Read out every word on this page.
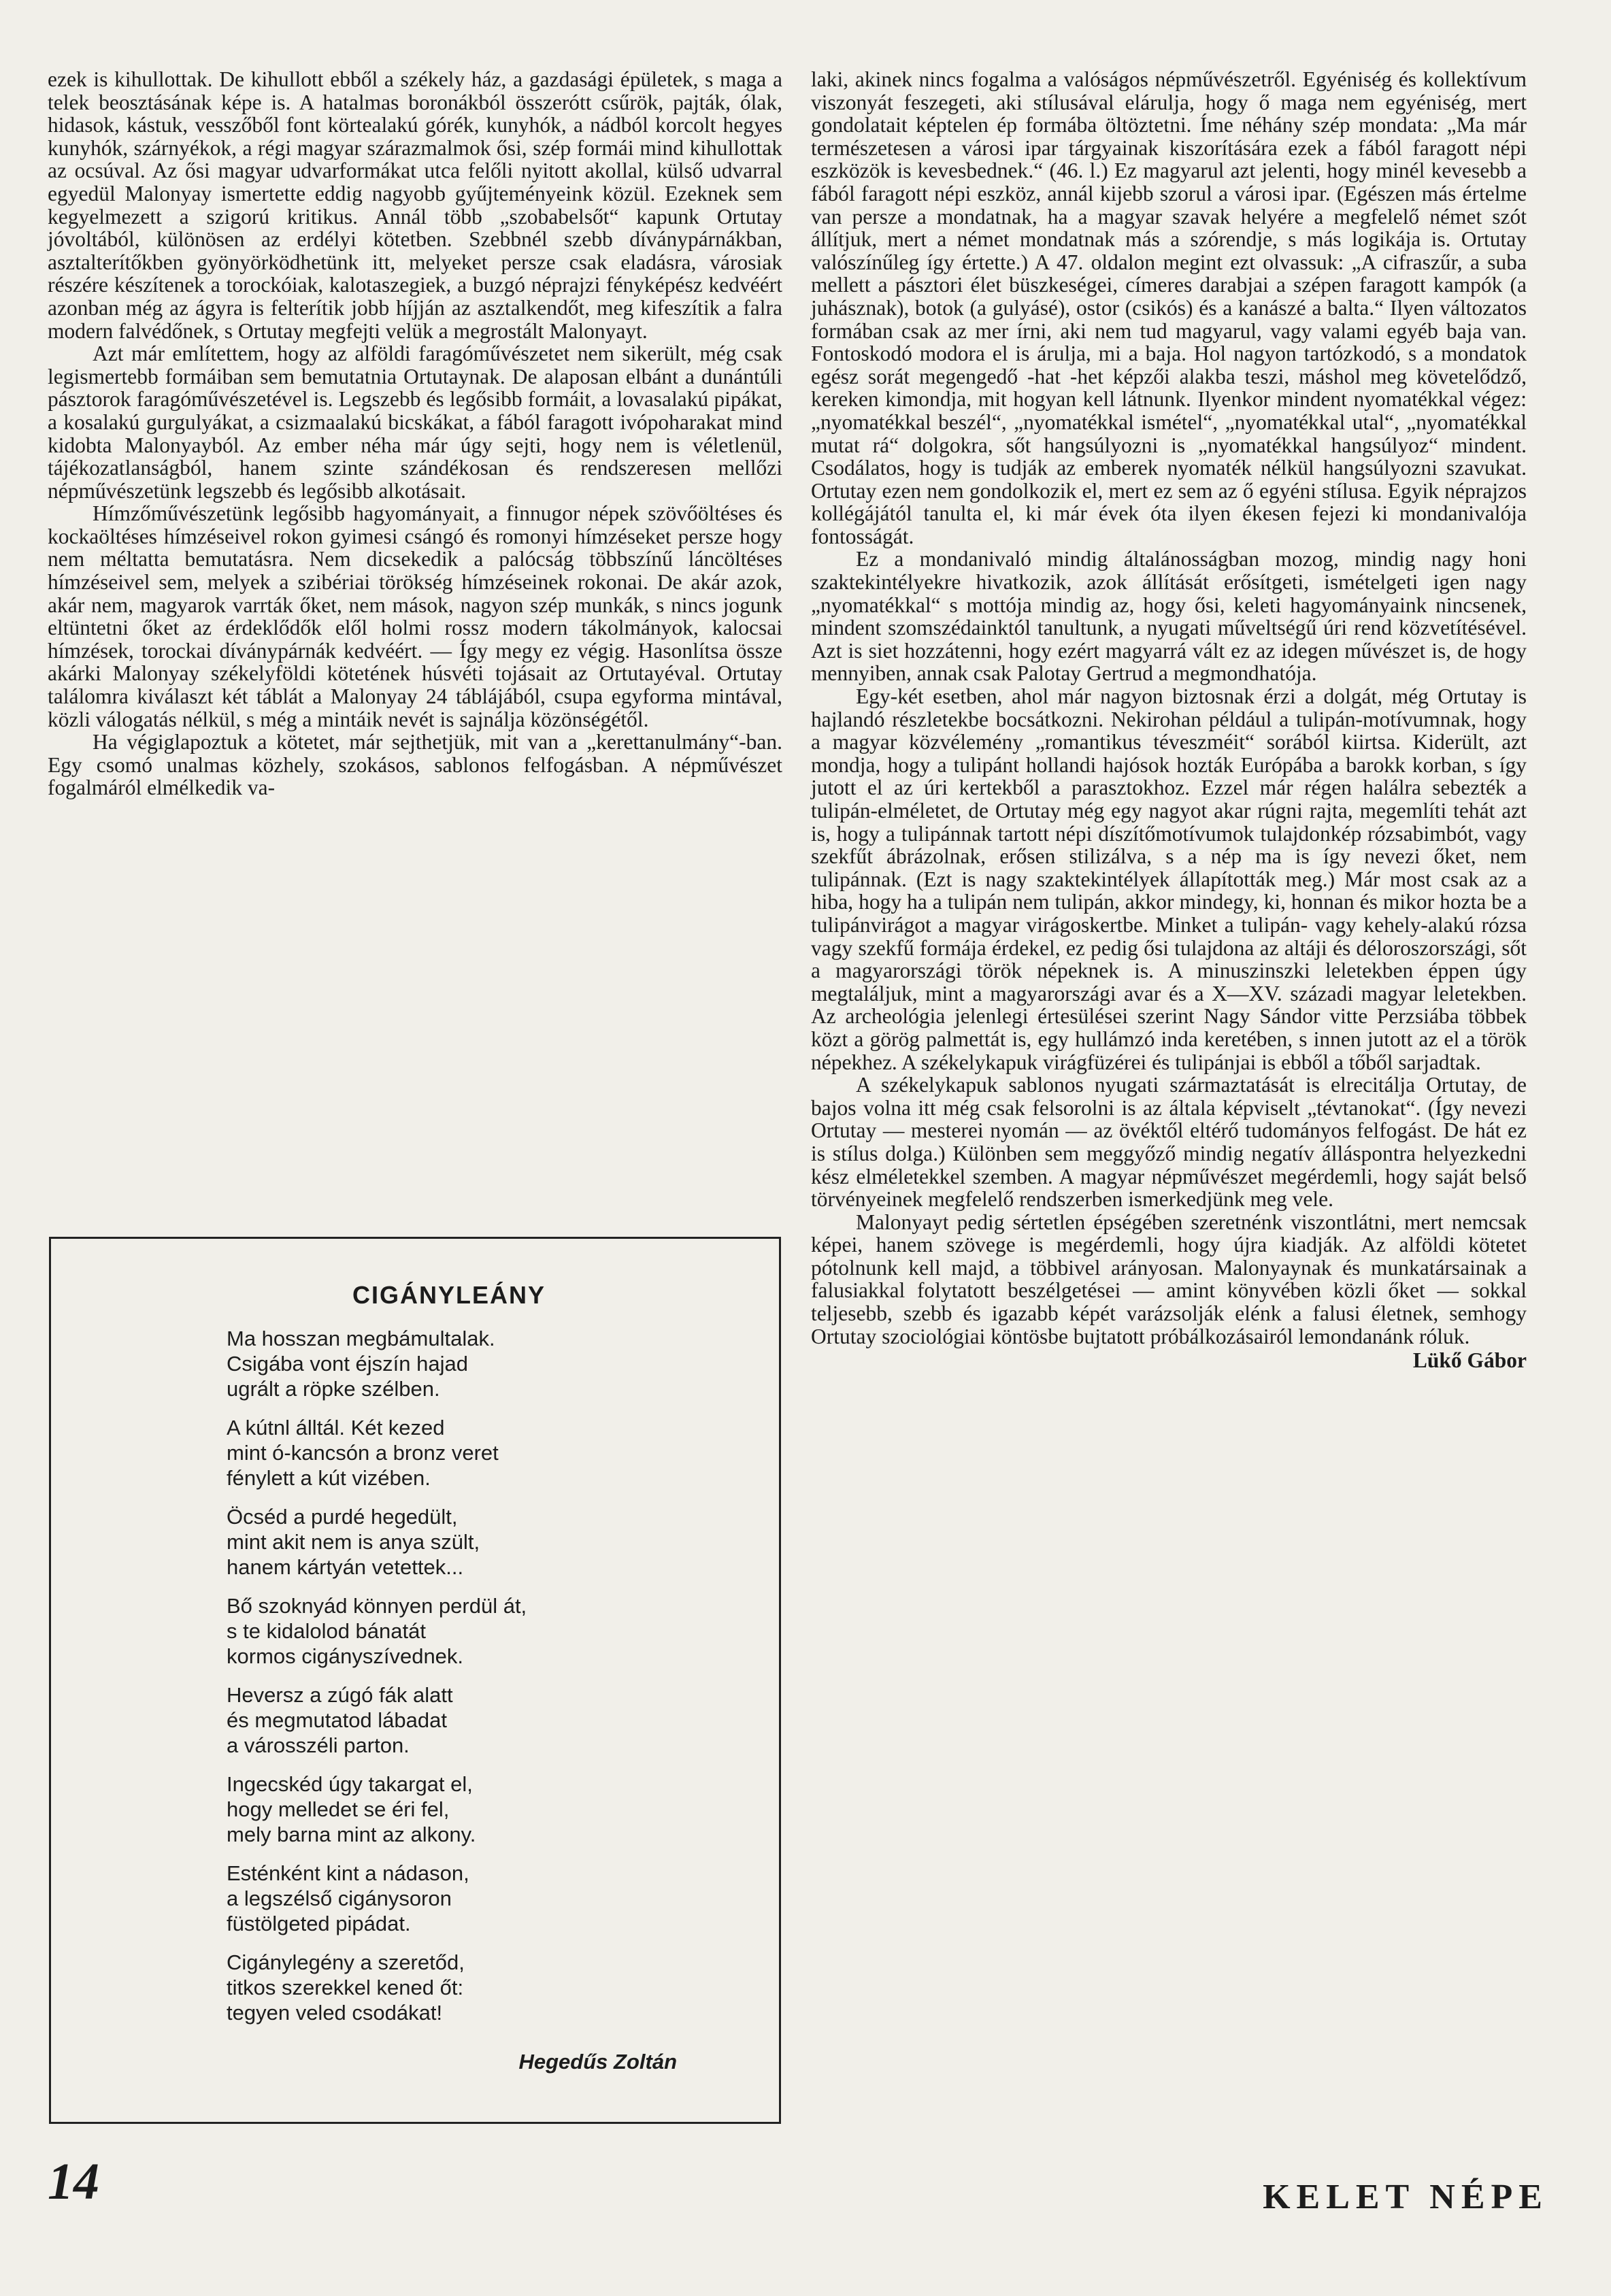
ezek is kihullottak. De kihullott ebből a székely ház, a gazdasági épületek, s maga a telek beosztásának képe is. A hatalmas boronákból összerótt csűrök, pajták, ólak, hidasok, kástuk, vesszőből font körtealakú górék, kunyhók, a nádból korcolt hegyes kunyhók, szárnyékok, a régi magyar szárazmalmok ősi, szép formái mind kihullottak az ocsúval. Az ősi magyar udvarformákat utca felőli nyitott akollal, külső udvarral egyedül Malonyay ismertette eddig nagyobb gyűjteményeink közül. Ezeknek sem kegyelmezett a szigorú kritikus. Annál több „szobabelsőt“ kapunk Ortutay jóvoltából, különösen az erdélyi kötetben. Szebbnél szebb díványpárnákban, asztalterítőkben gyönyörködhetünk itt, melyeket persze csak eladásra, városiak részére készítenek a torockóiak, kalotaszegiek, a buzgó néprajzi fényképész kedvéért azonban még az ágyra is felterítik jobb híjján az asztalkendőt, meg kifeszítik a falra modern falvédőnek, s Ortutay megfejti velük a megrostált Malonyayt.

Azt már említettem, hogy az alföldi faragóművészetet nem sikerült, még csak legismertebb formáiban sem bemutatnia Ortutaynak. De alaposan elbánt a dunántúli pásztorok faragóművészetével is. Legszebb és legősibb formáit, a lovasalakú pipákat, a kosalakú gurgulyákat, a csizmaalakú bicskákat, a fából faragott ivópoharakat mind kidobta Malonyayból. Az ember néha már úgy sejti, hogy nem is véletlenül, tájékozatlanságból, hanem szinte szándékosan és rendszeresen mellőzi népművészetünk legszebb és legősibb alkotásait.

Hímzőművészetünk legősibb hagyományait, a finnugor népek szövőöltéses és kockaöltéses hímzéseivel rokon gyimesi csángó és romonyi hímzéseket persze hogy nem méltatta bemutatásra. Nem dicsekedik a palócság többszínű láncöltéses hímzéseivel sem, melyek a szibériai törökség hímzéseinek rokonai. De akár azok, akár nem, magyarok varrták őket, nem mások, nagyon szép munkák, s nincs jogunk eltüntetni őket az érdeklődők elől holmi rossz modern tákolmányok, kalocsai hímzések, torockai díványpárnák kedvéért. — Így megy ez végig. Hasonlítsa össze akárki Malonyay székelyföldi kötetének húsvéti tojásait az Ortutayéval. Ortutay találomra kiválaszt két táblát a Malonyay 24 táblájából, csupa egyforma mintával, közli válogatás nélkül, s még a mintáik nevét is sajnálja közönségétől.

Ha végiglapoztuk a kötetet, már sejthetjük, mit van a „kerettanulmány“-ban. Egy csomó unalmas közhely, szokásos, sablonos felfogásban. A népművészet fogalmáról elmélkedik va-

CIGÁNYLEÁNY
Ma hosszan megbámultalak.
Csigába vont éjszín hajad
ugrált a röpke szélben.
A kútnl álltál. Két kezed
mint ó-kancsón a bronz veret
fénylett a kút vizében.
Öcséd a purdé hegedült,
mint akit nem is anya szült,
hanem kártyán vetettek...
Bő szoknyád könnyen perdül át,
s te kidalolod bánatát
kormos cigányszívednek.
Heversz a zúgó fák alatt
és megmutatod lábadat
a városszéli parton.
Ingecskéd úgy takargat el,
hogy melledet se éri fel,
mely barna mint az alkony.
Esténként kint a nádason,
a legszélső cigánysoron
füstölgeted pipádat.
Cigánylegény a szeretőd,
titkos szerekkel kened őt:
tegyen veled csodákat!
Hegedűs Zoltán

laki, akinek nincs fogalma a valóságos népművészetről. Egyéniség és kollektívum viszonyát feszegeti, aki stílusával elárulja, hogy ő maga nem egyéniség, mert gondolatait képtelen ép formába öltöztetni. Íme néhány szép mondata: „Ma már természetesen a városi ipar tárgyainak kiszorítására ezek a fából faragott népi eszközök is kevesbednek.“ (46. l.) Ez magyarul azt jelenti, hogy minél kevesebb a fából faragott népi eszköz, annál kijebb szorul a városi ipar. (Egészen más értelme van persze a mondatnak, ha a magyar szavak helyére a megfelelő német szót állítjuk, mert a német mondatnak más a szórendje, s más logikája is. Ortutay valószínűleg így értette.) A 47. oldalon megint ezt olvassuk: „A cifraszűr, a suba mellett a pásztori élet büszkeségei, címeres darabjai a szépen faragott kampók (a juhásznak), botok (a gulyásé), ostor (csikós) és a kanászé a balta.“ Ilyen változatos formában csak az mer írni, aki nem tud magyarul, vagy valami egyéb baja van. Fontoskodó modora el is árulja, mi a baja. Hol nagyon tartózkodó, s a mondatok egész sorát megengedő -hat -het képzői alakba teszi, máshol meg követelődző, kereken kimondja, mit hogyan kell látnunk. Ilyenkor mindent nyomatékkal végez: „nyomatékkal beszél“, „nyomatékkal ismétel“, „nyomatékkal utal“, „nyomatékkal mutat rá“ dolgokra, sőt hangsúlyozni is „nyomatékkal hangsúlyoz“ mindent. Csodálatos, hogy is tudják az emberek nyomaték nélkül hangsúlyozni szavukat. Ortutay ezen nem gondolkozik el, mert ez sem az ő egyéni stílusa. Egyik néprajzos kollégájától tanulta el, ki már évek óta ilyen ékesen fejezi ki mondanivalója fontosságát.

Ez a mondanivaló mindig általánosságban mozog, mindig nagy honi szaktekintélyekre hivatkozik, azok állítását erősítgeti, ismételgeti igen nagy „nyomatékkal“ s mottója mindig az, hogy ősi, keleti hagyományaink nincsenek, mindent szomszédainktól tanultunk, a nyugati műveltségű úri rend közvetítésével. Azt is siet hozzátenni, hogy ezért magyarrá vált ez az idegen művészet is, de hogy mennyiben, annak csak Palotay Gertrud a megmondhatója.

Egy-két esetben, ahol már nagyon biztosnak érzi a dolgát, még Ortutay is hajlandó részletekbe bocsátkozni. Nekirohan például a tulipán-motívumnak, hogy a magyar közvélemény „romantikus téveszméit“ sorából kiirtsa. Kiderült, azt mondja, hogy a tulipánt hollandi hajósok hozták Európába a barokk korban, s így jutott el az úri kertekből a parasztokhoz. Ezzel már régen halálra sebezték a tulipán-elméletet, de Ortutay még egy nagyot akar rúgni rajta, megemlíti tehát azt is, hogy a tulipánnak tartott népi díszítőmotívumok tulajdonkép rózsabimbót, vagy szekfűt ábrázolnak, erősen stilizálva, s a nép ma is így nevezi őket, nem tulipánnak. (Ezt is nagy szaktekintélyek állapították meg.) Már most csak az a hiba, hogy ha a tulipán nem tulipán, akkor mindegy, ki, honnan és mikor hozta be a tulipánvirágot a magyar virágoskertbe. Minket a tulipán- vagy kehely-alakú rózsa vagy szekfű formája érdekel, ez pedig ősi tulajdona az altáji és déloroszországi, sőt a magyarországi török népeknek is. A minuszinszki leletekben éppen úgy megtaláljuk, mint a magyarországi avar és a X—XV. századi magyar leletekben. Az archeológia jelenlegi értesülései szerint Nagy Sándor vitte Perzsiába többek közt a görög palmettát is, egy hullámzó inda keretében, s innen jutott az el a török népekhez. A székelykapuk virágfüzérei és tulipánjai is ebből a tőből sarjadtak.

A székelykapuk sablonos nyugati származtatását is elrecitálja Ortutay, de bajos volna itt még csak felsorolni is az általa képviselt „tévtanokat“. (Így nevezi Ortutay — mesterei nyomán — az övéktől eltérő tudományos felfogást. De hát ez is stílus dolga.) Különben sem meggyőző mindig negatív álláspontra helyezkedni kész elméletekkel szemben. A magyar népművészet megérdemli, hogy saját belső törvényeinek megfelelő rendszerben ismerkedjünk meg vele.

Malonyayt pedig sértetlen épségében szeretnénk viszontlátni, mert nemcsak képei, hanem szövege is megérdemli, hogy újra kiadják. Az alföldi kötetet pótolnunk kell majd, a többivel arányosan. Malonyaynak és munkatársainak a falusiakkal folytatott beszélgetései — amint könyvében közli őket — sokkal teljesebb, szebb és igazabb képét varázsolják elénk a falusi életnek, semhogy Ortutay szociológiai köntösbe bujtatott próbálkozásairól lemondanánk róluk.

Lükő Gábor
14	KELET NÉPE
